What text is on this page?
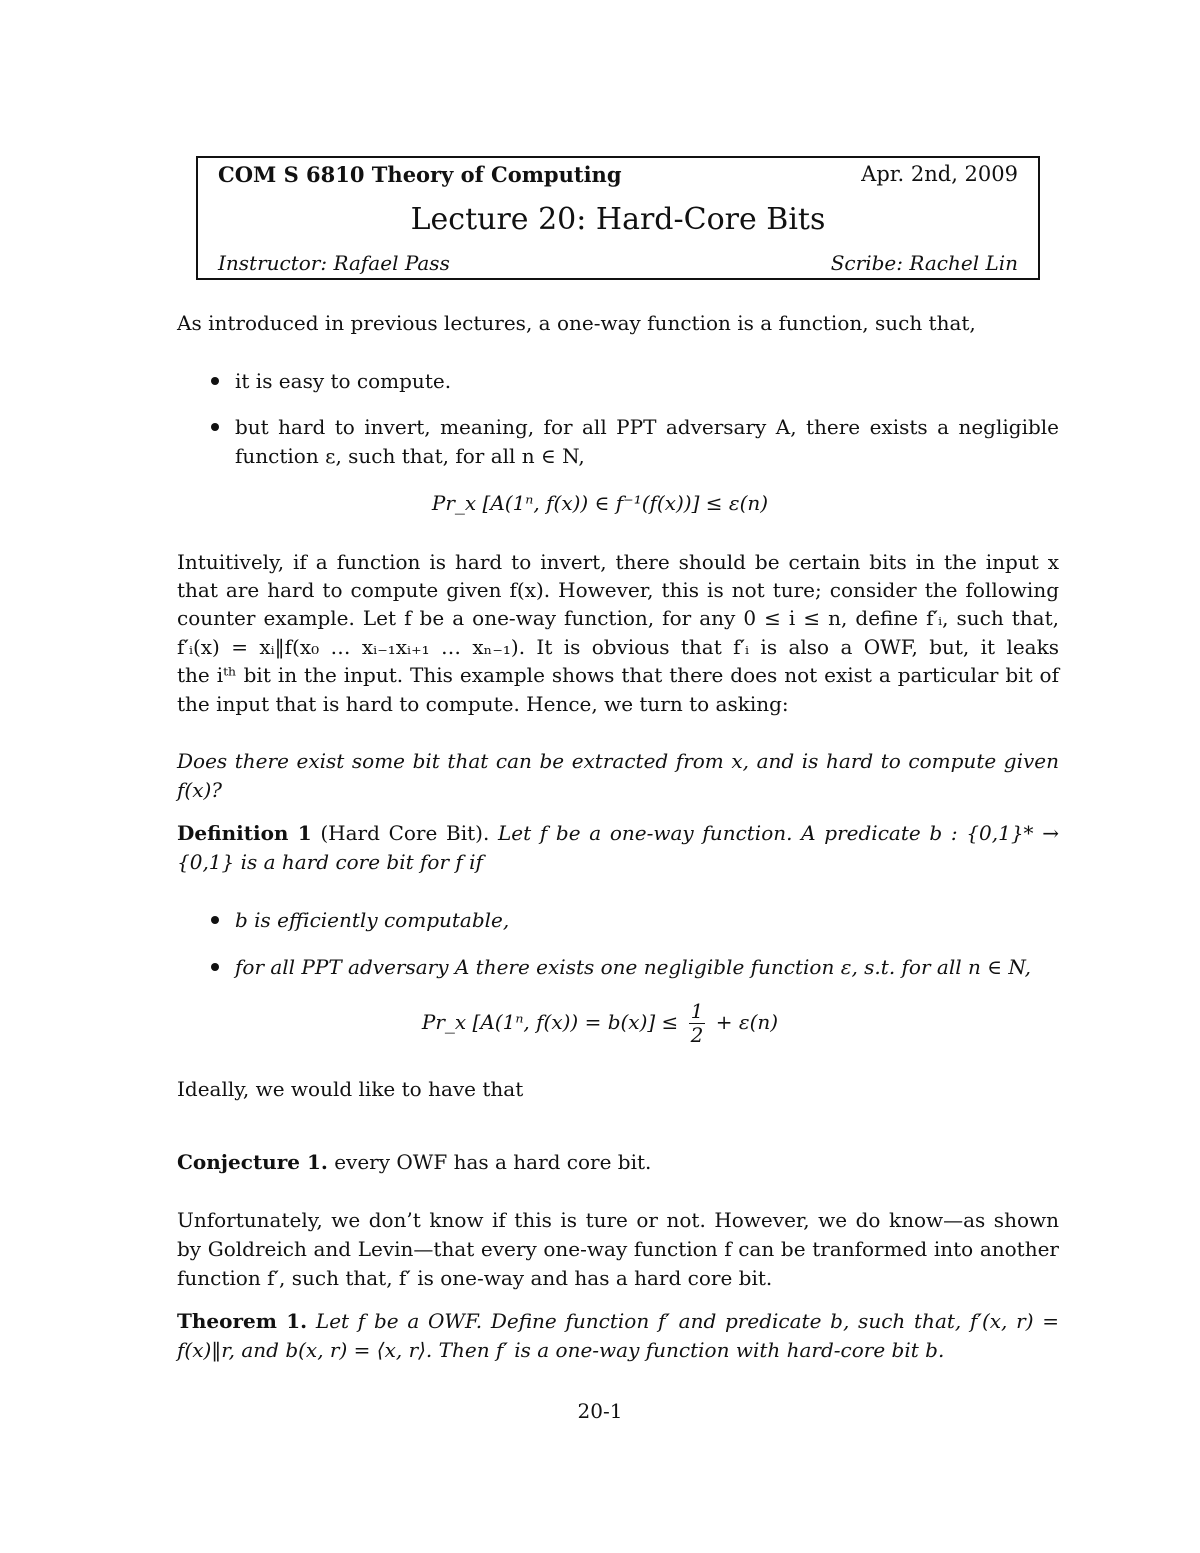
COM S 6810 Theory of Computing	Apr. 2nd, 2009
Lecture 20: Hard-Core Bits
Instructor: Rafael Pass	Scribe: Rachel Lin
As introduced in previous lectures, a one-way function is a function, such that,
it is easy to compute.
but hard to invert, meaning, for all PPT adversary A, there exists a negligible
function ε, such that, for all n ∈ N,
Pr_x [A(1ⁿ, f(x)) ∈ f⁻¹(f(x))] ≤ ε(n)
Intuitively, if a function is hard to invert, there should be certain bits in the input x
that are hard to compute given f(x). However, this is not ture; consider the following
counter example. Let f be a one-way function, for any 0 ≤ i ≤ n, define f′ᵢ, such that,
f′ᵢ(x) = xᵢ‖f(x₀ … xᵢ₋₁xᵢ₊₁ … xₙ₋₁). It is obvious that f′ᵢ is also a OWF, but, it leaks
the iᵗʰ bit in the input. This example shows that there does not exist a particular bit of
the input that is hard to compute. Hence, we turn to asking:
Does there exist some bit that can be extracted from x, and is hard to compute given
f(x)?
Definition 1 (Hard Core Bit). Let f be a one-way function. A predicate b : {0,1}* →
{0,1} is a hard core bit for f if
b is efficiently computable,
for all PPT adversary A there exists one negligible function ε, s.t. for all n ∈ N,
Pr_x [A(1ⁿ, $f(x)) = b(x)] \le \frac{1}{2} + \varepsilon(n)$
Ideally, we would like to have that
Conjecture 1. every OWF has a hard core bit.
Unfortunately, we don’t know if this is ture or not. However, we do know—as shown
by Goldreich and Levin—that every one-way function f can be tranformed into another
function f′, such that, f′ is one-way and has a hard core bit.
Theorem 1. Let f be a OWF. Define function f′ and predicate b, such that, f′(x, r) =
f(x)‖r, and b(x, r) = ⟨x, r⟩. Then f′ is a one-way function with hard-core bit b.
20-1
